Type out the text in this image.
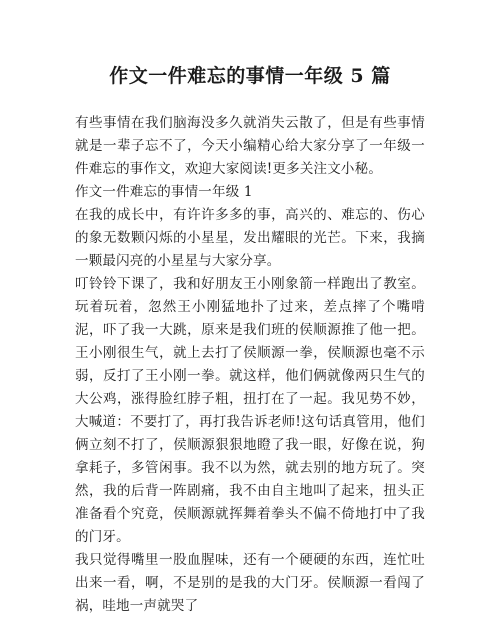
作文一件难忘的事情一年级 5 篇

有些事情在我们脑海没多久就消失云散了，但是有些事情就是一辈子忘不了，今天小编精心给大家分享了一年级一件难忘的事作文，欢迎大家阅读!更多关注文小秘。

作文一件难忘的事情一年级 1

在我的成长中，有许许多多的事，高兴的、难忘的、伤心的象无数颗闪烁的小星星，发出耀眼的光芒。下来，我摘一颗最闪亮的小星星与大家分享。

叮铃铃下课了，我和好朋友王小刚象箭一样跑出了教室。玩着玩着，忽然王小刚猛地扑了过来，差点摔了个嘴啃泥，吓了我一大跳，原来是我们班的侯顺源推了他一把。王小刚很生气，就上去打了侯顺源一拳，侯顺源也毫不示弱，反打了王小刚一拳。就这样，他们俩就像两只生气的大公鸡，涨得脸红脖子粗，扭打在了一起。我见势不妙，大喊道：不要打了，再打我告诉老师!这句话真管用，他们俩立刻不打了，侯顺源狠狠地瞪了我一眼，好像在说，狗拿耗子，多管闲事。我不以为然，就去别的地方玩了。突然，我的后背一阵剧痛，我不由自主地叫了起来，扭头正准备看个究竟，侯顺源就挥舞着拳头不偏不倚地打中了我的门牙。

我只觉得嘴里一股血腥味，还有一个硬硬的东西，连忙吐出来一看，啊，不是别的是我的大门牙。侯顺源一看闯了祸，哇地一声就哭了
